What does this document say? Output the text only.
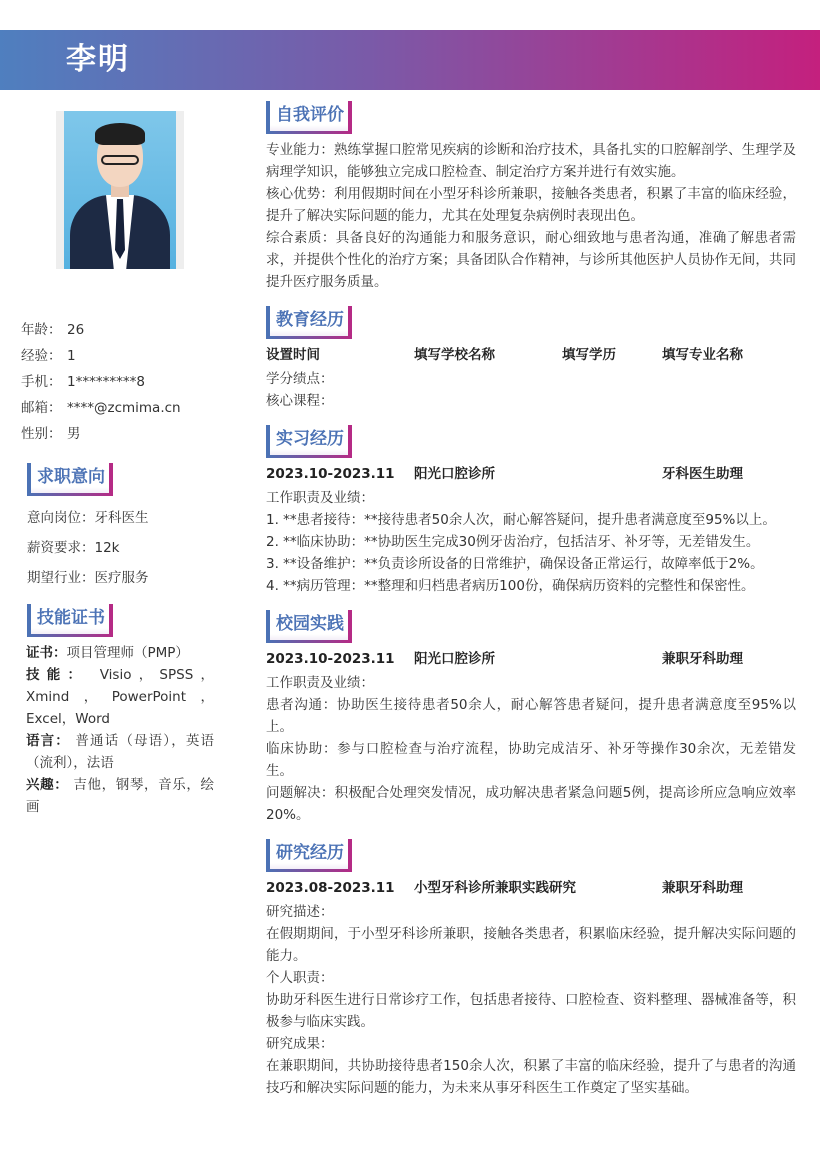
李明
年龄： 26
经验： 1
手机： 1*********8
邮箱： ****@zcmima.cn
性别： 男
求职意向
意向岗位：牙科医生
薪资要求：12k
期望行业：医疗服务
技能证书
证书：项目管理师（PMP）
技能： Visio，SPSS，Xmind，PowerPoint，Excel，Word
语言： 普通话（母语），英语（流利），法语
兴趣： 吉他，钢琴，音乐，绘画
自我评价
专业能力：熟练掌握口腔常见疾病的诊断和治疗技术，具备扎实的口腔解剖学、生理学及病理学知识，能够独立完成口腔检查、制定治疗方案并进行有效实施。
核心优势：利用假期时间在小型牙科诊所兼职，接触各类患者，积累了丰富的临床经验，提升了解决实际问题的能力，尤其在处理复杂病例时表现出色。
综合素质：具备良好的沟通能力和服务意识，耐心细致地与患者沟通，准确了解患者需求，并提供个性化的治疗方案；具备团队合作精神，与诊所其他医护人员协作无间，共同提升医疗服务质量。
教育经历
设置时间	填写学校名称	填写学历	填写专业名称
学分绩点：
核心课程：
实习经历
2023.10-2023.11 阳光口腔诊所	牙科医生助理
工作职责及业绩：
1. **患者接待：**接待患者50余人次，耐心解答疑问，提升患者满意度至95%以上。
2. **临床协助：**协助医生完成30例牙齿治疗，包括洁牙、补牙等，无差错发生。
3. **设备维护：**负责诊所设备的日常维护，确保设备正常运行，故障率低于2%。
4. **病历管理：**整理和归档患者病历100份，确保病历资料的完整性和保密性。
校园实践
2023.10-2023.11 阳光口腔诊所	兼职牙科助理
工作职责及业绩：
患者沟通：协助医生接待患者50余人，耐心解答患者疑问，提升患者满意度至95%以上。
临床协助：参与口腔检查与治疗流程，协助完成洁牙、补牙等操作30余次，无差错发生。
问题解决：积极配合处理突发情况，成功解决患者紧急问题5例，提高诊所应急响应效率20%。
研究经历
2023.08-2023.11 小型牙科诊所兼职实践研究	兼职牙科助理
研究描述：
在假期期间，于小型牙科诊所兼职，接触各类患者，积累临床经验，提升解决实际问题的能力。
个人职责：
协助牙科医生进行日常诊疗工作，包括患者接待、口腔检查、资料整理、器械准备等，积极参与临床实践。
研究成果：
在兼职期间，共协助接待患者150余人次，积累了丰富的临床经验，提升了与患者的沟通技巧和解决实际问题的能力，为未来从事牙科医生工作奠定了坚实基础。
